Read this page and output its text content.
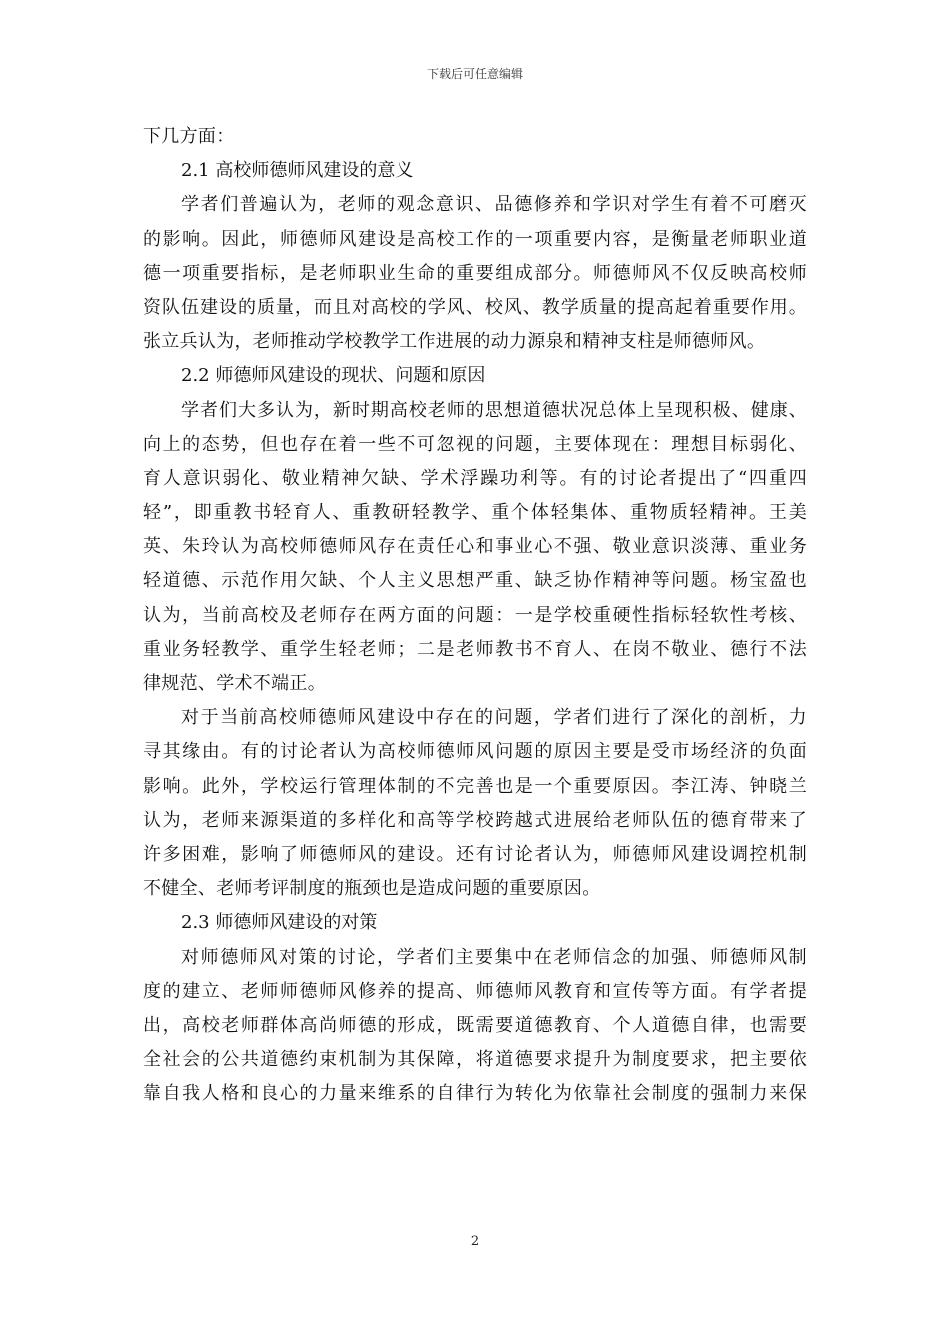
下载后可任意编辑
下几方面：
2.1 高校师德师风建设的意义
学者们普遍认为，老师的观念意识、品德修养和学识对学生有着不可磨灭
的影响。因此，师德师风建设是高校工作的一项重要内容，是衡量老师职业道
德一项重要指标，是老师职业生命的重要组成部分。师德师风不仅反映高校师
资队伍建设的质量，而且对高校的学风、校风、教学质量的提高起着重要作用。
张立兵认为，老师推动学校教学工作进展的动力源泉和精神支柱是师德师风。
2.2 师德师风建设的现状、问题和原因
学者们大多认为，新时期高校老师的思想道德状况总体上呈现积极、健康、
向上的态势，但也存在着一些不可忽视的问题，主要体现在：理想目标弱化、
育人意识弱化、敬业精神欠缺、学术浮躁功利等。有的讨论者提出了“四重四
轻”，即重教书轻育人、重教研轻教学、重个体轻集体、重物质轻精神。王美
英、朱玲认为高校师德师风存在责任心和事业心不强、敬业意识淡薄、重业务
轻道德、示范作用欠缺、个人主义思想严重、缺乏协作精神等问题。杨宝盈也
认为，当前高校及老师存在两方面的问题：一是学校重硬性指标轻软性考核、
重业务轻教学、重学生轻老师；二是老师教书不育人、在岗不敬业、德行不法
律规范、学术不端正。
对于当前高校师德师风建设中存在的问题，学者们进行了深化的剖析，力
寻其缘由。有的讨论者认为高校师德师风问题的原因主要是受市场经济的负面
影响。此外，学校运行管理体制的不完善也是一个重要原因。李江涛、钟晓兰
认为，老师来源渠道的多样化和高等学校跨越式进展给老师队伍的德育带来了
许多困难，影响了师德师风的建设。还有讨论者认为，师德师风建设调控机制
不健全、老师考评制度的瓶颈也是造成问题的重要原因。
2.3 师德师风建设的对策
对师德师风对策的讨论，学者们主要集中在老师信念的加强、师德师风制
度的建立、老师师德师风修养的提高、师德师风教育和宣传等方面。有学者提
出，高校老师群体高尚师德的形成，既需要道德教育、个人道德自律，也需要
全社会的公共道德约束机制为其保障，将道德要求提升为制度要求，把主要依
靠自我人格和良心的力量来维系的自律行为转化为依靠社会制度的强制力来保
2
